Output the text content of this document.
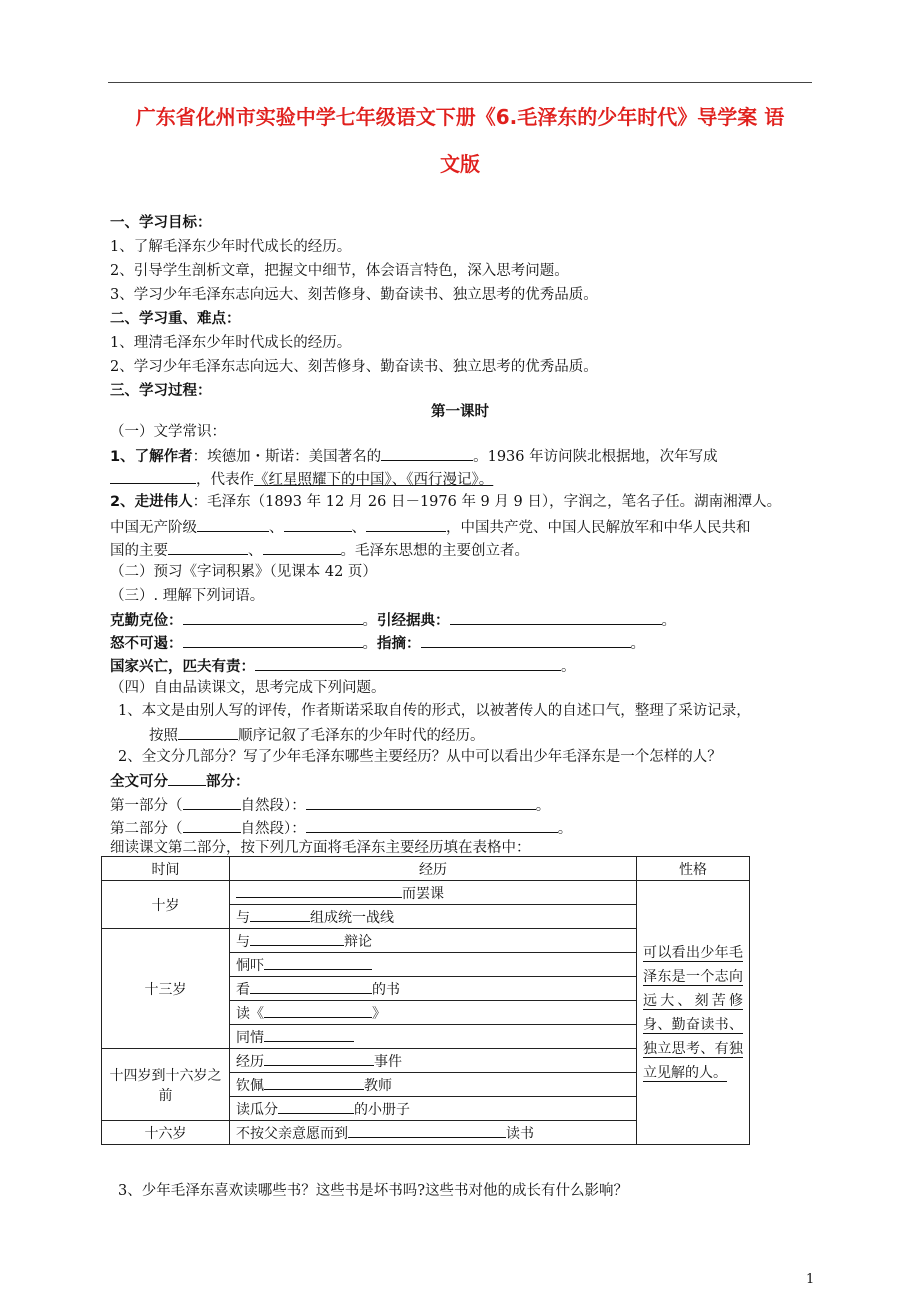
广东省化州市实验中学七年级语文下册《6.毛泽东的少年时代》导学案 语
文版
一、学习目标：
1、了解毛泽东少年时代成长的经历。
2、引导学生剖析文章，把握文中细节，体会语言特色，深入思考问题。
3、学习少年毛泽东志向远大、刻苦修身、勤奋读书、独立思考的优秀品质。
二、学习重、难点：
1、理清毛泽东少年时代成长的经历。
2、学习少年毛泽东志向远大、刻苦修身、勤奋读书、独立思考的优秀品质。
三、学习过程：
第一课时
（一）文学常识：
1、了解作者：埃德加・斯诺：美国著名的	。1936 年访问陕北根据地，次年写成
，代表作《红星照耀下的中国》、《西行漫记》。
2、走进伟人：毛泽东（1893 年 12 月 26 日－1976 年 9 月 9 日），字润之，笔名子任。湖南湘潭人。
中国无产阶级	、	、	，中国共产党、中国人民解放军和中华人民共和
国的主要	、	。毛泽东思想的主要创立者。
（二）预习《字词积累》（见课本 42 页）
（三）. 理解下列词语。
克勤克俭：	。引经据典：	。
怒不可遏：	。指摘：	。
国家兴亡，匹夫有责：	。
（四）自由品读课文，思考完成下列问题。
1、本文是由别人写的评传，作者斯诺采取自传的形式，以被著传人的自述口气，整理了采访记录，
按照	顺序记叙了毛泽东的少年时代的经历。
2、全文分几部分？写了少年毛泽东哪些主要经历？从中可以看出少年毛泽东是一个怎样的人？
全文可分	部分：
第一部分（	自然段）：	。
第二部分（	自然段）：	。
细读课文第二部分，按下列几方面将毛泽东主要经历填在表格中：
时间	经历	性格
十岁	而罢课	可以看出少年毛泽东是一个志向远大、刻苦修身、勤奋读书、独立思考、有独立见解的人。
	与 组成统一战线	
十三岁	与 辩论	
	恫吓	
	看 的书	
	读《 》	
	同情	
十四岁到十六岁之前	经历 事件	
	钦佩 教师	
	读瓜分 的小册子	
十六岁	不按父亲意愿而到 读书	
3、少年毛泽东喜欢读哪些书？这些书是坏书吗?这些书对他的成长有什么影响？
1
